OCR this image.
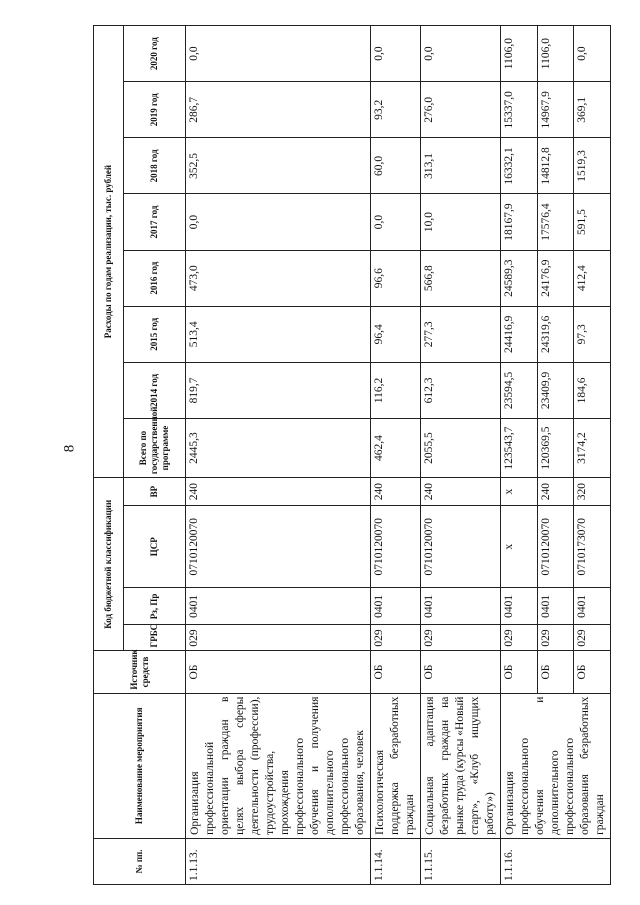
8
№ пп.	Наименование мероприятия	Источник средств	Код бюджетной классификации				Расходы по годам реализации, тыс. рублей							
			ГРБС	Рз, Пр	ЦСР	ВР	Всего по государственной программе	2014 год	2015 год	2016 год	2017 год	2018 год	2019 год	2020 год
1.1.13.	Организация профессиональной ориентации граждан в целях выбора сферы деятельности (профессии), трудоустройства, прохождения профессионального обучения и получения дополнительного профессионального образования, человек	ОБ	029	0401	0710120070	240	2445,3	819,7	513,4	473,0	0,0	352,5	286,7	0,0
1.1.14.	Психологическая поддержка безработных граждан	ОБ	029	0401	0710120070	240	462,4	116,2	96,4	96,6	0,0	60,0	93,2	0,0
1.1.15.	Социальная адаптация безработных граждан на рынке труда (курсы «Новый старт», «Клуб ищущих работу»)	ОБ	029	0401	0710120070	240	2055,5	612,3	277,3	566,8	10,0	313,1	276,0	0,0
1.1.16.	Организация профессионального обучения и дополнительного профессионального образования безработных граждан	ОБ	029	0401	х	х	123543,7	23594,5	24416,9	24589,3	18167,9	16332,1	15337,0	1106,0
		ОБ	029	0401	0710120070	240	120369,5	23409,9	24319,6	24176,9	17576,4	14812,8	14967,9	1106,0
		ОБ	029	0401	0710173070	320	3174,2	184,6	97,3	412,4	591,5	1519,3	369,1	0,0
